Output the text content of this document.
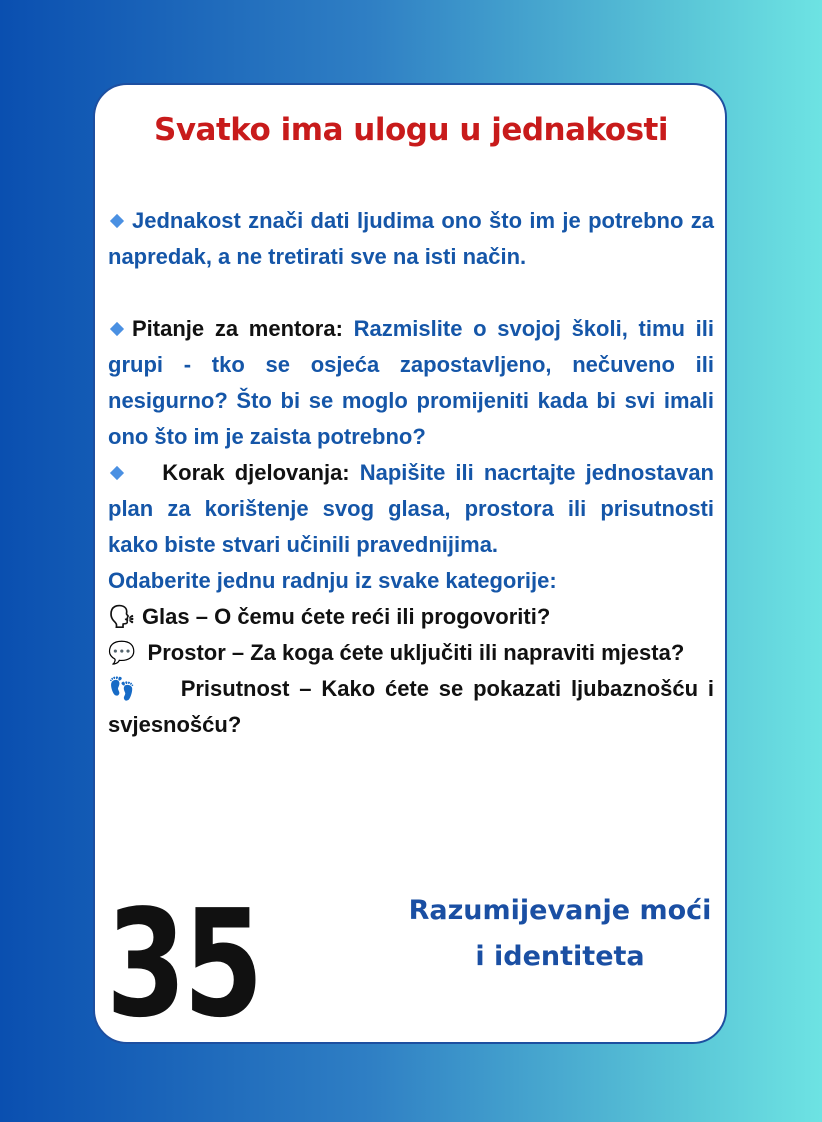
Svatko ima ulogu u jednakosti

Jednakost znači dati ljudima ono što im je potrebno za napredak, a ne tretirati sve na isti način.

Pitanje za mentora: Razmislite o svojoj školi, timu ili grupi - tko se osjeća zapostavljeno, nečuveno ili nesigurno? Što bi se moglo promijeniti kada bi svi imali ono što im je zaista potrebno?

Korak djelovanja: Napišite ili nacrtajte jednostavan plan za korištenje svog glasa, prostora ili prisutnosti kako biste stvari učinili pravednijima.

Odaberite jednu radnju iz svake kategorije:

🗣 Glas – O čemu ćete reći ili progovoriti?

💬 Prostor – Za koga ćete uključiti ili napraviti mjesta?

👣 Prisutnost – Kako ćete se pokazati ljubaznošću i svjesnošću?

35	Razumijevanje moći
i identiteta
